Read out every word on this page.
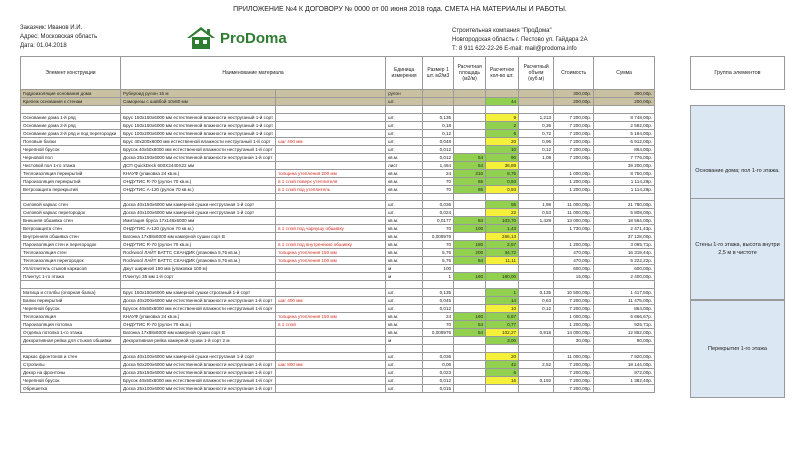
ПРИЛОЖЕНИЕ №4 К ДОГОВОРУ № 0000 от 00 июня 2018 года. СМЕТА НА МАТЕРИАЛЫ И РАБОТЫ.
Заказчик: Иванов И.И.
Адрес: Московская область
Дата: 01.04.2018	ProDoma	Строительная компания "ПроДома"
Новгородская область г. Пестово ул. Гайдара 2А
Т: 8 911 622-22-26 E-mail: mail@prodoma.info
Элемент конструкции	Наименование материала		Единица измерения	Размер 1 шт. м2/м3	Расчетная площадь (м2/м)	Расчетное кол-во шт.	Расчетный объем (куб.м)	Стоимость	Сумма
Гидроизоляция основания дома	Рубероид рулон 15 м		рулон					300,00р.	300,00р.
Крепеж основания к стенам	Саморезы с шайбой 10х80 мм		шт.			44		200,00р.	200,00р.

Основание дома 1-й ряд	Брус 150х150х6000 мм естественной влажности неструганый 1-й сорт		шт.	0,135		9	1,213	7 200,00р.	8 748,00р.
Основание дома 2-й ряд	Брус 150х150х6000 мм естественной влажности неструганый 1-й сорт		шт.	0,18		2	0,36	7 200,00р.	2 592,00р.
Основание дома 2-й ряд и под перегородки	Брус 100х200х6000 мм естественной влажности неструганый 1-й сорт		шт.	0,12		6	0,72	7 200,00р.	5 184,00р.
Половые балки	Брус 40х200х6000 мм естественной влажности неструганый 1-й сорт	шаг 400 мм	шт.	0,048		20	0,96	7 200,00р.	6 912,00р.
Черепной брусок	Брусок 40х50х6000 мм естественной влажности неструганый 1-й сорт		шт.	0,012		10	0,12	7 200,00р.	864,00р.
Черновой пол	Доска 25х150х6000 мм естественной влажности неструганая 1-й сорт		кв.м.	0,012	54	90	1,08	7 200,00р.	7 776,00р.
Чистовой пол 1-го этажа	ДСП QuickDeck 600Х2440Х22 мм		лист	1,464	54	36,89			39 200,00р.
Теплоизоляция перекрытий	КНАУФ (упаковка 24 кв.м.)	толщина утепления 200 мм	кв.м.	24	210	8,75		1 000,00р.	8 750,00р.
Пароизоляция перекрытий	ОНДУТИС R-70 (рулон 70 кв.м.)	в 1 слой поверх утеплителя	кв.м.	70	65	0,93		1 200,00р.	1 114,29р.
Ветрозащита перекрытий	ОНДУТИС А-120 (рулон 70 кв.м.)	в 1 слой под утеплитель	кв.м.	70	65	0,93		1 200,00р.	1 114,29р.

Силовой каркас стен	Доска 40х150х6000 мм камерной сушки неструганая 1-й сорт		шт.	0,036		55	1,98	11 000,00р.	21 780,00р.
Силовой каркас перегородок	Доска 40х100х6000 мм камерной сушки неструганая 1-й сорт		шт.	0,024		22	0,53	11 000,00р.	5 808,00р.
Внешняя обшивка стен	Имитация бруса 17х146х6000 мм		кв.м.	0,0177	84	103,70	1,428	13 000,00р.	18 564,00р.
Ветрозащита стен	ОНДУТИС А-120 (рулон 70 кв.м.)	в 1 слой под чарнушу обшивку	кв.м.	70	100	1,43		1 730,00р.	2 471,43р.
Внутренняя обшивка стен	Вагонка 17х88х6000 мм камерной сушки сорт В		кв.м.	0,008976		265,13			37 128,00р.
Пароизоляция стен и перегородок	ОНДУТИС R-70 (рулон 70 кв.м.)	в 1 слой под внутреннюю обшивку	кв.м.	70	180	2,57		1 200,00р.	3 085,71р.
Теплоизоляция стен	Rockwool ЛАЙТ БАТТС СКАНДИК (упаковка 5,76 кв.м.)	толщина утепления 150 мм	кв.м.	5,76	200	34,72		470,00р.	16 319,44р.
Теплоизоляция перегородок	Rockwool ЛАЙТ БАТТС СКАНДИК (упаковка 5,76 кв.м.)	толщина утепления 100 мм	кв.м.	5,76	64	11,11		470,00р.	5 222,22р.
Уплотнитель стыков каркасов	Джут шириной 150 мм (упаковка 100 м)		м	100				600,00р.	600,00р.
Плинтус 1-го этажа	Плинтус 35 мм 1-й сорт		м	1	160	160,00		15,00р.	2 400,00р.

Матица и столбы (опорная балка)	Брус 150х150х6000 мм камерной сушки строганый 1-й сорт		шт.	0,135		1	0,135	10 500,00р.	1 417,50р.
Балки перекрытий	Доска 40х200х6000 мм естественной влажности неструганая 1-й сорт	шаг 400 мм	шт.	0,045		14	0,63	7 200,00р.	11 475,00р.
Черепной брусок	Брусок 40х50х6000 мм естественной влажности неструганый 1-й сорт		шт.	0,012		10	0,12	7 200,00р.	864,00р.
Теплоизоляция	КНАУФ (упаковка 24 кв.м.)	толщина утепления 150 мм	кв.м.	24	160	6,67		1 000,00р.	6 666,67р.
Пароизоляция потолка	ОНДУТИС R-70 (рулон 70 кв.м.)	в 1 слой	кв.м.	70	54	0,77		1 200,00р.	925,71р.
Отделка потолка 1-го этажа	Вагонка 17х88х6000 мм камерной сушки сорт В		кв.м.	0,008976	54	102,27	0,918	14 000,00р.	12 852,00р.
Декоративная рейка для стыков обшивки	Декоративная рейка камерной сушки 1-й сорт 2 м		м			3,00		30,00р.	90,00р.

Каркас фронтонов и стен	Доска 40х100х6000 мм камерной сушки неструганая 1-й сорт		шт.	0,036		20		11 000,00р.	7 920,00р.
Стропилы	Доска 50х200х6000 мм естественной влажности неструганая 1-й сорт	шаг 800 мм	шт.	0,06		42	2,52	7 200,00р.	18 144,00р.
Декор на фронтоны	Доска 25х150х6000 мм естественной влажности неструганая 1-й сорт		шт.	0,023		6		7 200,00р.	972,00р.
Черепной брусок	Брусок 40х50х6000 мм естественной влажности неструганый 1-й сорт		шт.	0,012		16	0,192	7 200,00р.	1 382,40р.
Обрешетка	Доска 25х100х6000 мм естественной влажности неструганая 1-й сорт		шт.	0,015				7 200,00р.	
Группа элементов
Основание дома; пол 1-го этажа.
Стены 1-го этажа, высота внутри 2,5 м в чистоте
Перекрытия 1-го этажа
